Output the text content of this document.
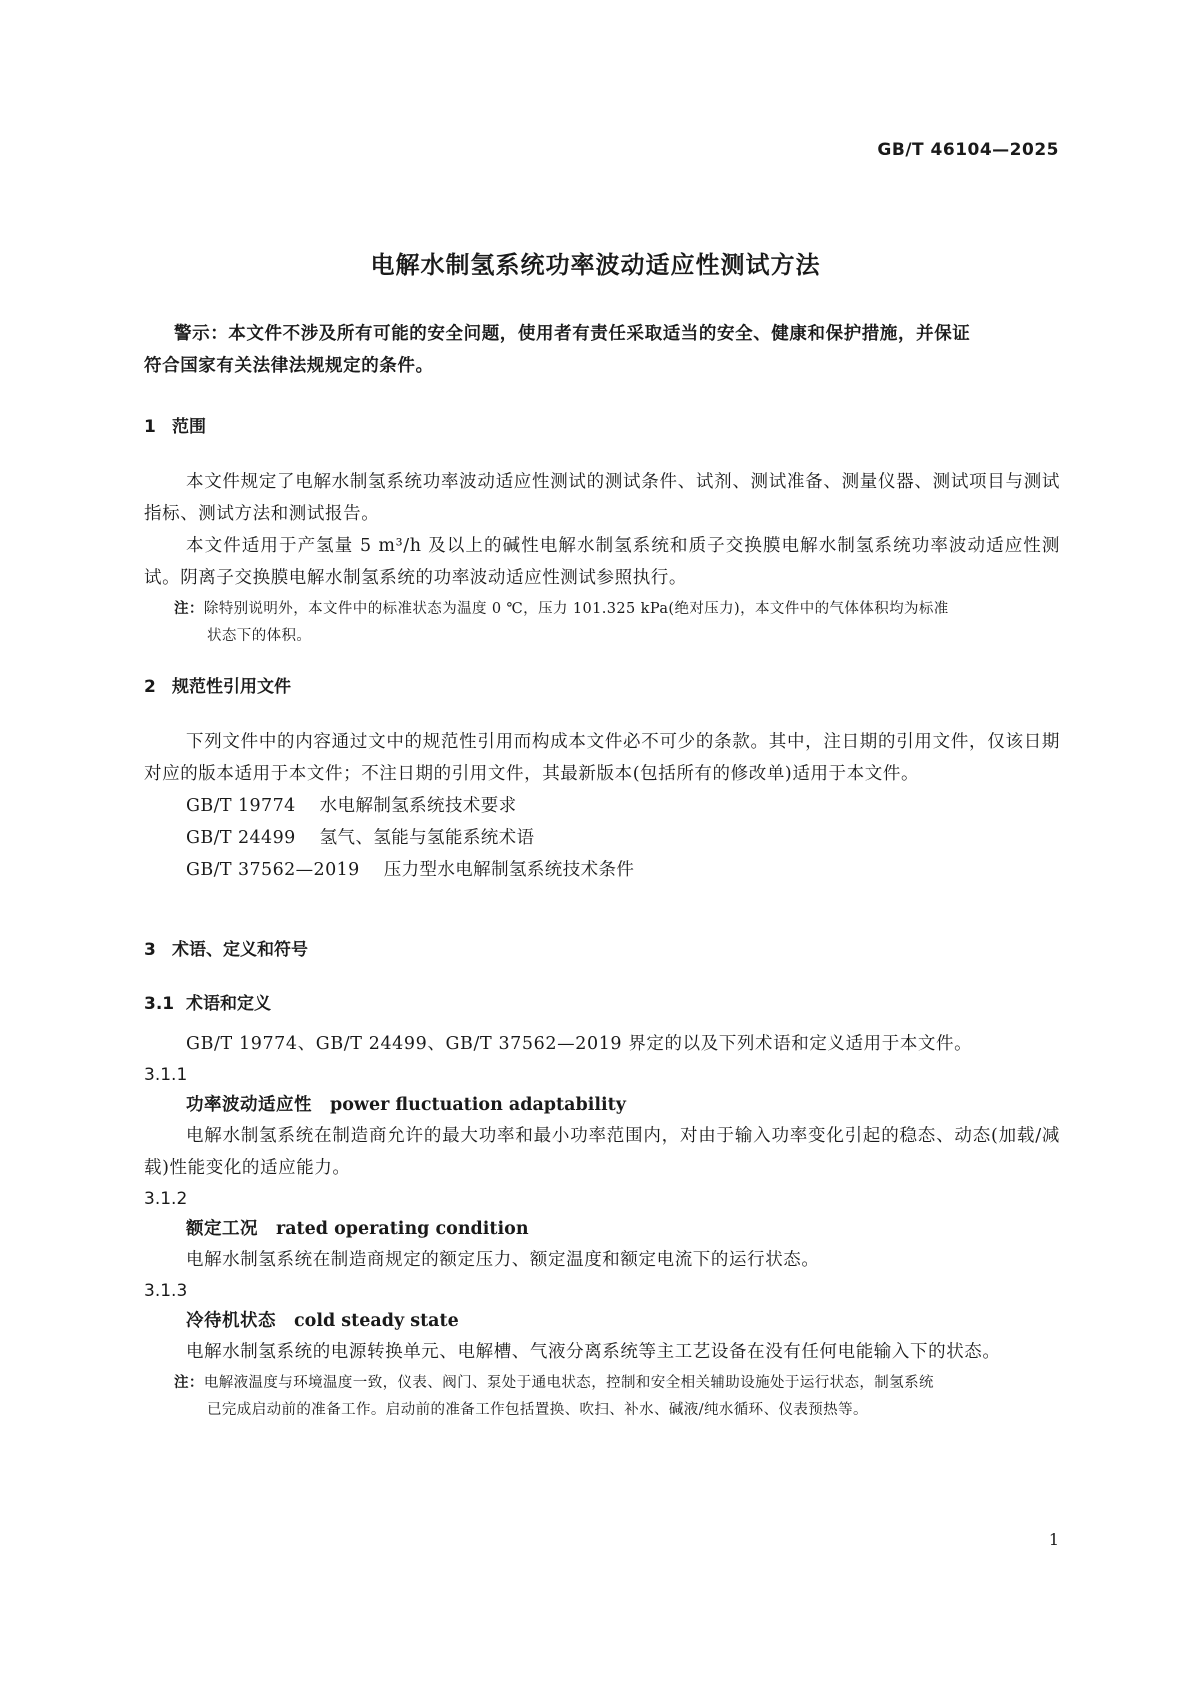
GB/T 46104—2025
电解水制氢系统功率波动适应性测试方法

警示：本文件不涉及所有可能的安全问题，使用者有责任采取适当的安全、健康和保护措施，并保证

符合国家有关法律法规规定的条件。

1 范围

本文件规定了电解水制氢系统功率波动适应性测试的测试条件、试剂、测试准备、测量仪器、测试项目与测试指标、测试方法和测试报告。

本文件适用于产氢量 5 m³/h 及以上的碱性电解水制氢系统和质子交换膜电解水制氢系统功率波动适应性测试。阴离子交换膜电解水制氢系统的功率波动适应性测试参照执行。

注：除特别说明外，本文件中的标准状态为温度 0 ℃，压力 101.325 kPa(绝对压力)，本文件中的气体体积均为标准
状态下的体积。

2 规范性引用文件

下列文件中的内容通过文中的规范性引用而构成本文件必不可少的条款。其中，注日期的引用文件，仅该日期对应的版本适用于本文件；不注日期的引用文件，其最新版本(包括所有的修改单)适用于本文件。

GB/T 19774 水电解制氢系统技术要求
GB/T 24499 氢气、氢能与氢能系统术语
GB/T 37562—2019 压力型水电解制氢系统技术条件
3 术语、定义和符号
3.1 术语和定义

GB/T 19774、GB/T 24499、GB/T 37562—2019 界定的以及下列术语和定义适用于本文件。

3.1.1
功率波动适应性 power fluctuation adaptability

电解水制氢系统在制造商允许的最大功率和最小功率范围内，对由于输入功率变化引起的稳态、动态(加载/减载)性能变化的适应能力。

3.1.2
额定工况 rated operating condition

电解水制氢系统在制造商规定的额定压力、额定温度和额定电流下的运行状态。

3.1.3
冷待机状态 cold steady state

电解水制氢系统的电源转换单元、电解槽、气液分离系统等主工艺设备在没有任何电能输入下的状态。

注：电解液温度与环境温度一致，仪表、阀门、泵处于通电状态，控制和安全相关辅助设施处于运行状态，制氢系统
已完成启动前的准备工作。启动前的准备工作包括置换、吹扫、补水、碱液/纯水循环、仪表预热等。

1
